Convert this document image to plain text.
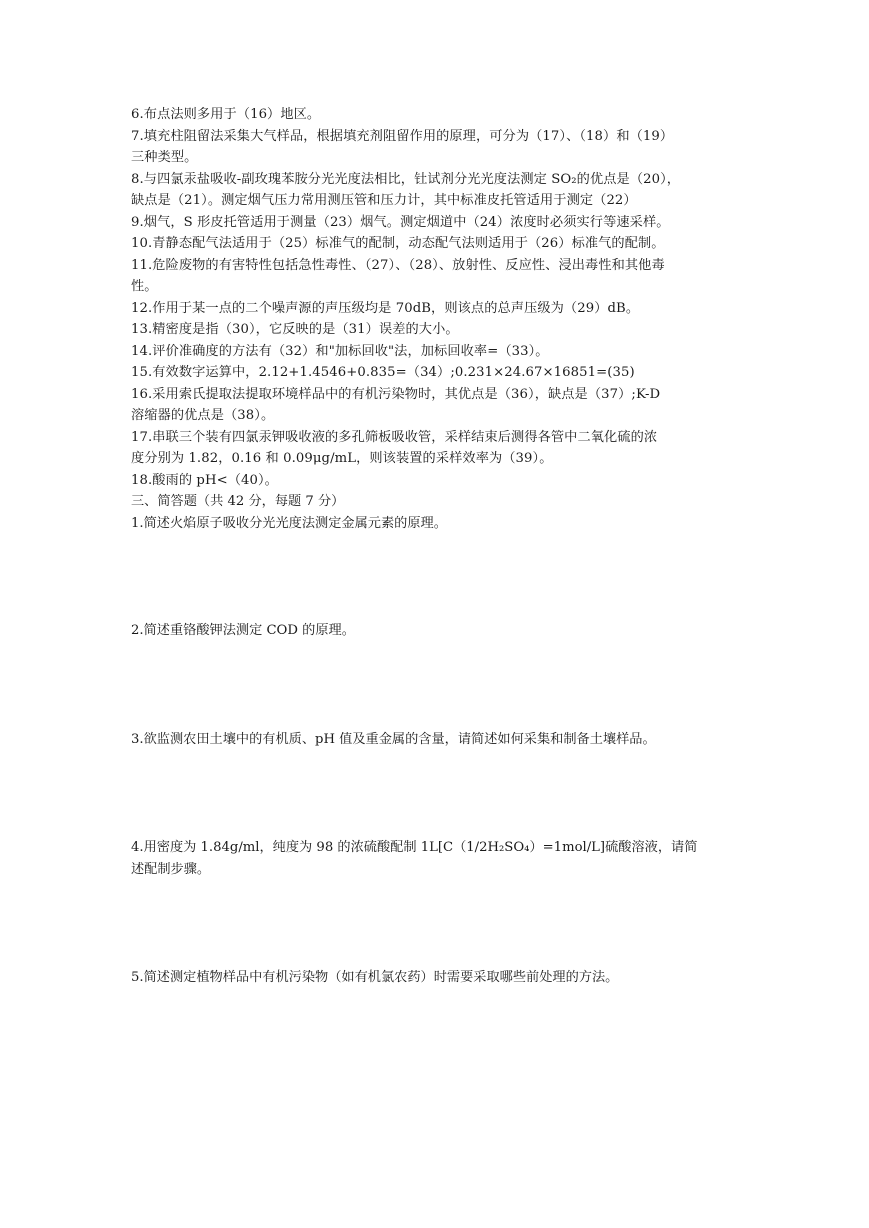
6.布点法则多用于（16）地区。
7.填充柱阻留法采集大气样品，根据填充剂阻留作用的原理，可分为（17）、（18）和（19）
三种类型。
8.与四氯汞盐吸收-副玫瑰苯胺分光光度法相比，钍试剂分光光度法测定 SO₂的优点是（20），
缺点是（21）。测定烟气压力常用测压管和压力计，其中标准皮托管适用于测定（22）
9.烟气，S 形皮托管适用于测量（23）烟气。测定烟道中（24）浓度时必须实行等速采样。
10.青静态配气法适用于（25）标准气的配制，动态配气法则适用于（26）标准气的配制。
11.危险废物的有害特性包括急性毒性、（27）、（28）、放射性、反应性、浸出毒性和其他毒
性。
12.作用于某一点的二个噪声源的声压级均是 70dB，则该点的总声压级为（29）dB。
13.精密度是指（30），它反映的是（31）误差的大小。
14.评价准确度的方法有（32）和"加标回收"法，加标回收率=（33）。
15.有效数字运算中，2.12+1.4546+0.835=（34）;0.231×24.67×16851=(35)
16.采用索氏提取法提取环境样品中的有机污染物时，其优点是（36），缺点是（37）;K-D
溶缩器的优点是（38）。
17.串联三个装有四氯汞钾吸收液的多孔筛板吸收管，采样结束后测得各管中二氧化硫的浓
度分别为 1.82，0.16 和 0.09μg/mL，则该装置的采样效率为（39）。
18.酸雨的 pH<（40）。
三、简答题（共 42 分，每题 7 分）
1.简述火焰原子吸收分光光度法测定金属元素的原理。
2.简述重铬酸钾法测定 COD 的原理。
3.欲监测农田土壤中的有机质、pH 值及重金属的含量，请简述如何采集和制备土壤样品。
4.用密度为 1.84g/ml，纯度为 98 的浓硫酸配制 1L[C（1/2H₂SO₄）=1mol/L]硫酸溶液，请简
述配制步骤。
5.简述测定植物样品中有机污染物（如有机氯农药）时需要采取哪些前处理的方法。
